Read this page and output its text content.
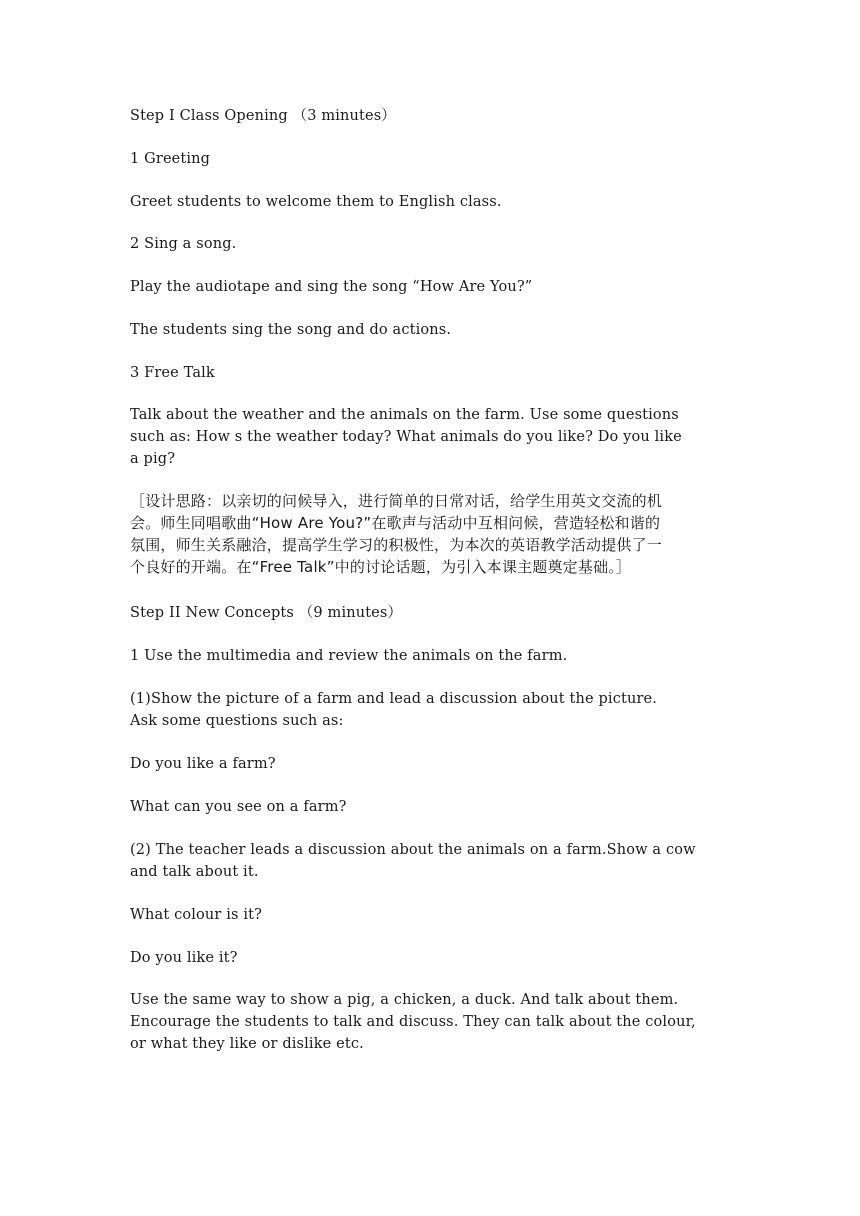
Step I Class Opening （3 minutes）

1 Greeting

Greet students to welcome them to English class.

2 Sing a song.

Play the audiotape and sing the song “How Are You?”

The students sing the song and do actions.

3 Free Talk

Talk about the weather and the animals on the farm. Use some questions
such as: How s the weather today? What animals do you like? Do you like
a pig?
［设计思路：以亲切的问候导入，进行简单的日常对话，给学生用英文交流的机
会。师生同唱歌曲“How Are You?”在歌声与活动中互相问候，营造轻松和谐的
氛围，师生关系融洽，提高学生学习的积极性，为本次的英语教学活动提供了一
个良好的开端。在“Free Talk”中的讨论话题，为引入本课主题奠定基础。］

Step II New Concepts （9 minutes）

1 Use the multimedia and review the animals on the farm.

(1)Show the picture of a farm and lead a discussion about the picture.
Ask some questions such as:

Do you like a farm?

What can you see on a farm?

(2) The teacher leads a discussion about the animals on a farm.Show a cow
and talk about it.

What colour is it?

Do you like it?

Use the same way to show a pig, a chicken, a duck. And talk about them.
Encourage the students to talk and discuss. They can talk about the colour,
or what they like or dislike etc.
